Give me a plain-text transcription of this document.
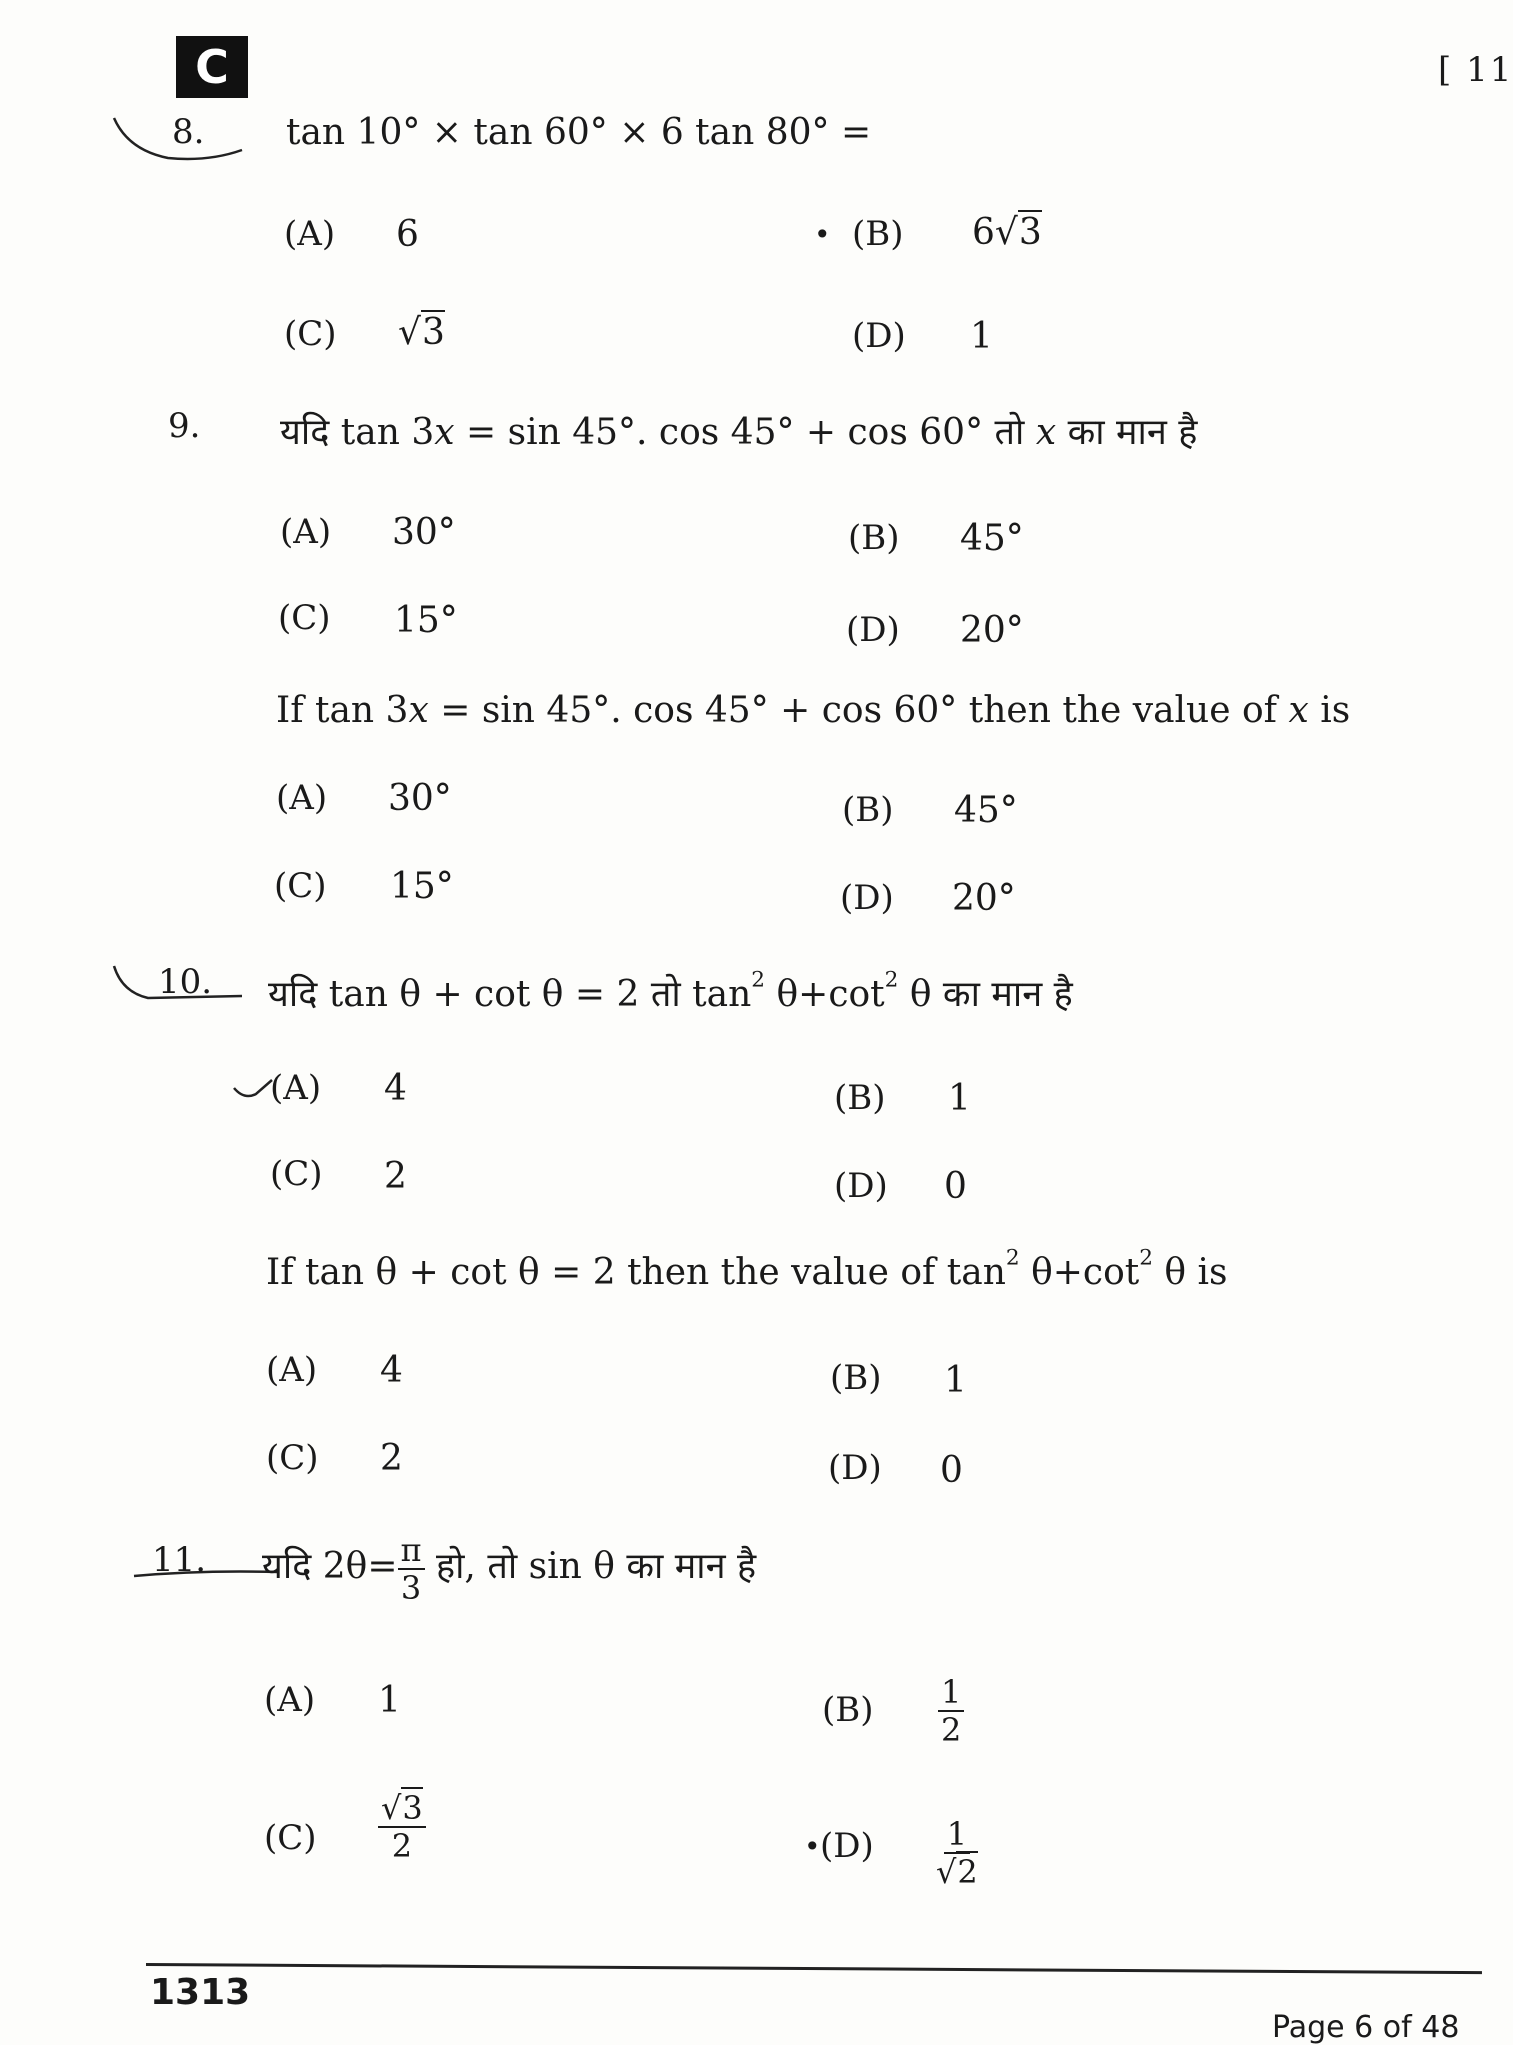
C	[ 11
8. tan 10° × tan 60° × 6 tan 80° =
(A) 6	• (B) 6√3
(C) √3	(D) 1
9. यदि tan 3x = sin 45°. cos 45° + cos 60° तो x का मान है
(A) 30°	(B) 45°
(C) 15°	(D) 20°
If tan 3x = sin 45°. cos 45° + cos 60° then the value of x is
(A) 30°	(B) 45°
(C) 15°	(D) 20°
10. यदि tan θ + cot θ = 2 तो $\tan^2 \theta+\cot^2$ θ का मान है
(A) 4	(B) 1
(C) 2	(D) 0
If tan θ + cot θ = 2 then the value of $\tan^2 \theta+\cot^2$ θ is
(A) 4	(B) 1
(C) 2	(D) 0
11. यदि $2\theta= \frac{\pi}{3}$ हो, तो sin θ का मान है
(A) 1	$(B) \frac{1}{2}$
$(C) \frac{√3}{2}$	• $(D) \frac{1}{√2}$
1313
Page 6 of 48
